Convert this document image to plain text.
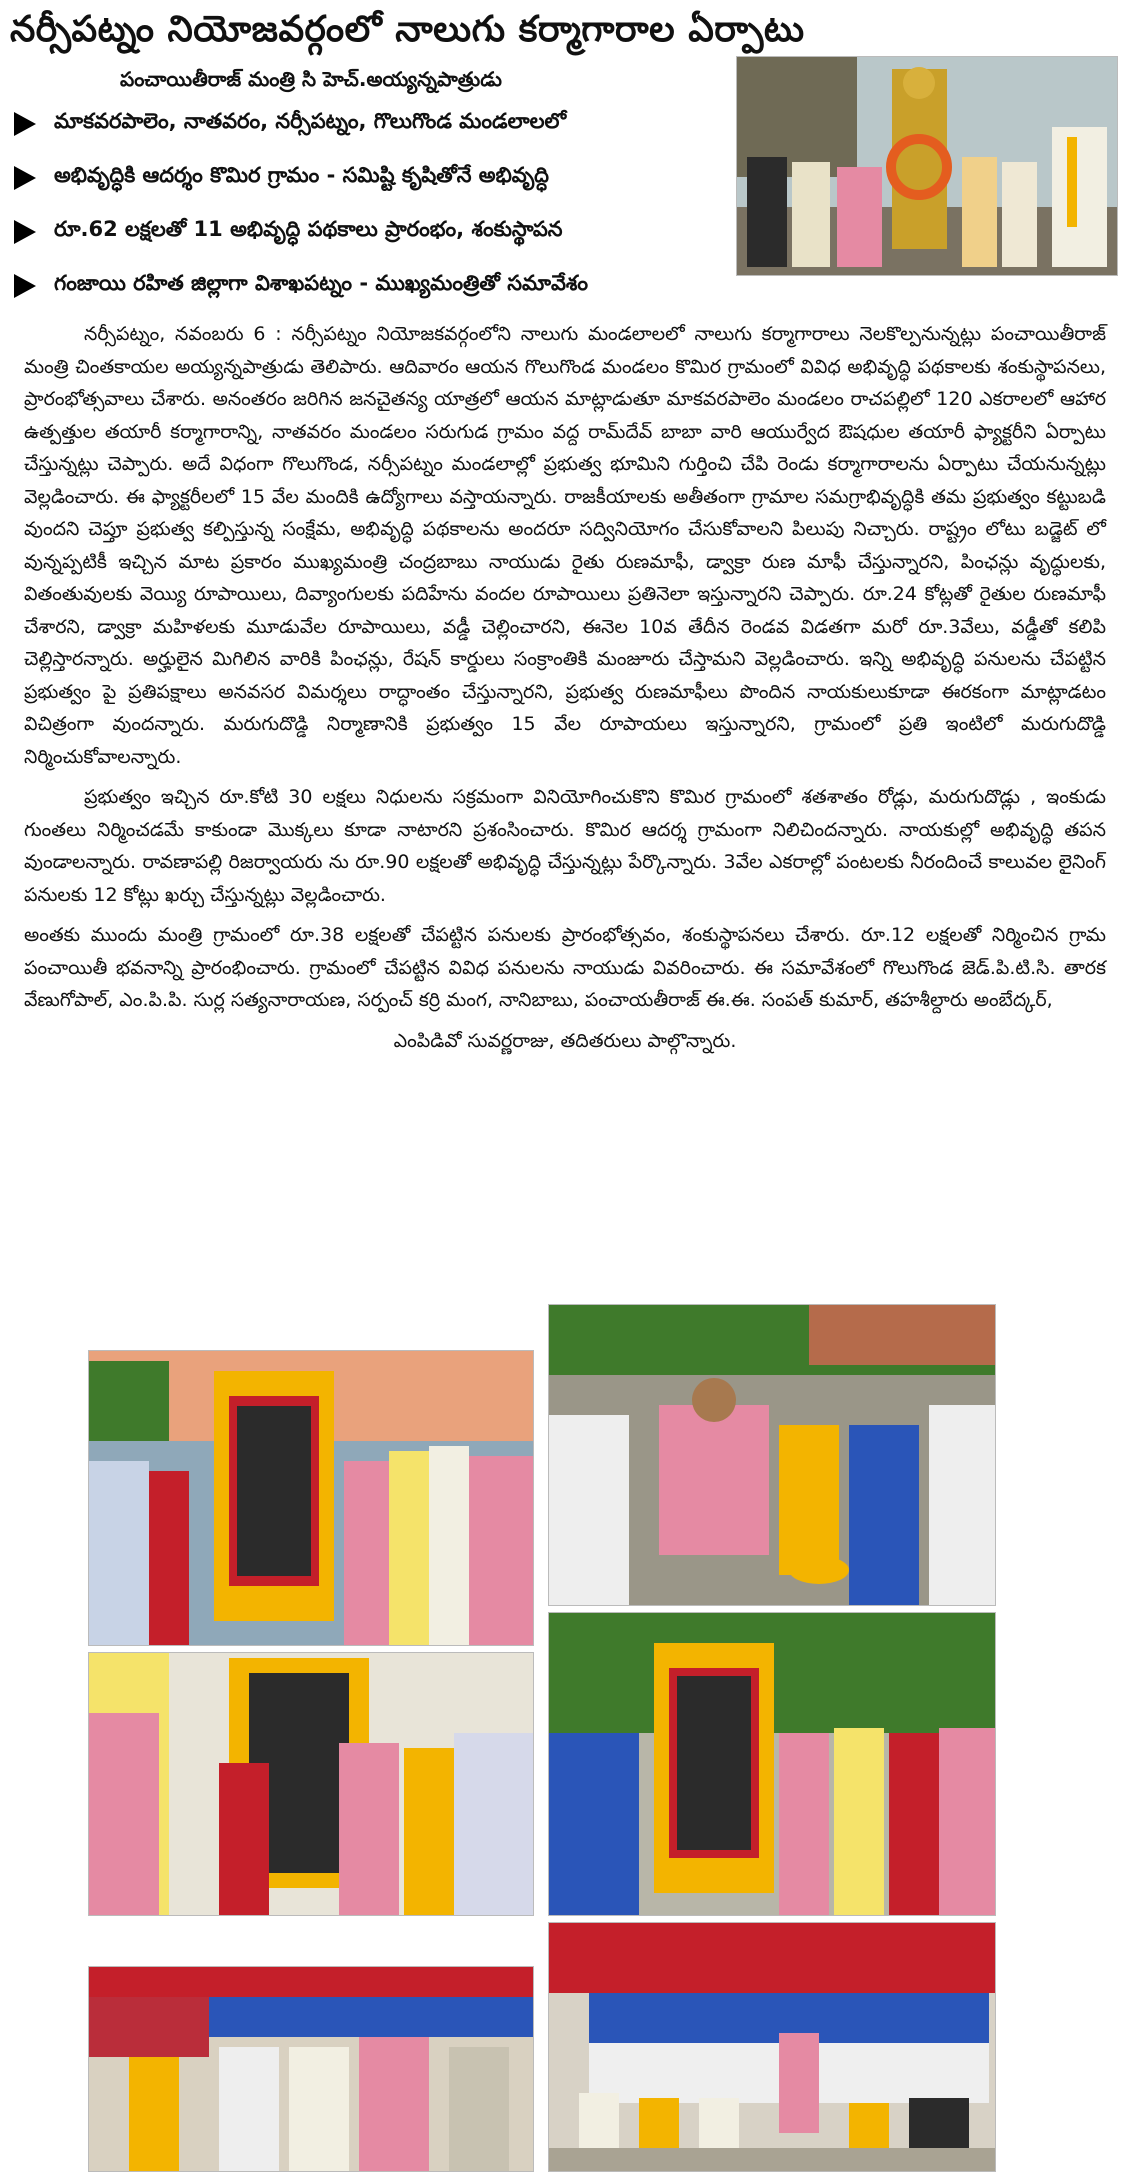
నర్సీపట్నం నియోజవర్గంలో నాలుగు కర్మాగారాల ఏర్పాటు
పంచాయితీరాజ్ మంత్రి సి హెచ్.అయ్యన్నపాత్రుడు
మాకవరపాలెం, నాతవరం, నర్సీపట్నం, గొలుగొండ మండలాలలో
అభివృద్ధికి ఆదర్శం కొమిర గ్రామం - సమిష్టి కృషితోనే అభివృద్ధి
రూ.62 లక్షలతో 11 అభివృద్ధి పథకాలు ప్రారంభం, శంకుస్థాపన
గంజాయి రహిత జిల్లాగా విశాఖపట్నం - ముఖ్యమంత్రితో సమావేశం

నర్సీపట్నం, నవంబరు 6 : నర్సీపట్నం నియోజకవర్గంలోని నాలుగు మండలాలలో నాలుగు కర్మాగారాలు నెలకొల్పనున్నట్లు పంచాయితీరాజ్ మంత్రి చింతకాయల అయ్యన్నపాత్రుడు తెలిపారు. ఆదివారం ఆయన గొలుగొండ మండలం కొమిర గ్రామంలో వివిధ అభివృద్ధి పథకాలకు శంకుస్థాపనలు, ప్రారంభోత్సవాలు చేశారు. అనంతరం జరిగిన జనచైతన్య యాత్రలో ఆయన మాట్లాడుతూ మాకవరపాలెం మండలం రాచపల్లిలో 120 ఎకరాలలో ఆహార ఉత్పత్తుల తయారీ కర్మాగారాన్ని, నాతవరం మండలం సరుగుడ గ్రామం వద్ద రామ్‌దేవ్ బాబా వారి ఆయుర్వేద ఔషధుల తయారీ ఫ్యాక్టరీని ఏర్పాటు చేస్తున్నట్లు చెప్పారు. అదే విధంగా గొలుగొండ, నర్సీపట్నం మండలాల్లో ప్రభుత్వ భూమిని గుర్తించి చేపి రెండు కర్మాగారాలను ఏర్పాటు చేయనున్నట్లు వెల్లడించారు. ఈ ఫ్యాక్టరీలలో 15 వేల మందికి ఉద్యోగాలు వస్తాయన్నారు. రాజకీయాలకు అతీతంగా గ్రామాల సమగ్రాభివృద్ధికి తమ ప్రభుత్వం కట్టుబడి వుందని చెప్తూ ప్రభుత్వ కల్పిస్తున్న సంక్షేమ, అభివృద్ధి పథకాలను అందరూ సద్వినియోగం చేసుకోవాలని పిలుపు నిచ్చారు. రాష్ట్రం లోటు బడ్జెట్ లో వున్నప్పటికీ ఇచ్చిన మాట ప్రకారం ముఖ్యమంత్రి చంద్రబాబు నాయుడు రైతు రుణమాఫీ, డ్వాక్రా రుణ మాఫీ చేస్తున్నారని, పింఛన్లు వృద్ధులకు, వితంతువులకు వెయ్యి రూపాయిలు, దివ్యాంగులకు పదిహేను వందల రూపాయిలు ప్రతినెలా ఇస్తున్నారని చెప్పారు. రూ.24 కోట్లతో రైతుల రుణమాఫీ చేశారని, డ్వాక్రా మహిళలకు మూడువేల రూపాయిలు, వడ్డీ చెల్లించారని, ఈనెల 10వ తేదీన రెండవ విడతగా మరో రూ.3వేలు, వడ్డీతో కలిపి చెల్లిస్తారన్నారు. అర్హులైన మిగిలిన వారికి పింఛన్లు, రేషన్ కార్డులు సంక్రాంతికి మంజూరు చేస్తామని వెల్లడించారు. ఇన్ని అభివృద్ధి పనులను చేపట్టిన ప్రభుత్వం పై ప్రతిపక్షాలు అనవసర విమర్శలు రాద్ధాంతం చేస్తున్నారని, ప్రభుత్వ రుణమాఫీలు పొందిన నాయకులుకూడా ఈరకంగా మాట్లాడటం విచిత్రంగా వుందన్నారు. మరుగుదొడ్డి నిర్మాణానికి ప్రభుత్వం 15 వేల రూపాయలు ఇస్తున్నారని, గ్రామంలో ప్రతి ఇంటిలో మరుగుదొడ్డి నిర్మించుకోవాలన్నారు.

ప్రభుత్వం ఇచ్చిన రూ.కోటి 30 లక్షలు నిధులను సక్రమంగా వినియోగించుకొని కొమిర గ్రామంలో శతశాతం రోడ్లు, మరుగుదొడ్లు , ఇంకుడు గుంతలు నిర్మించడమే కాకుండా మొక్కలు కూడా నాటారని ప్రశంసించారు. కొమిర ఆదర్శ గ్రామంగా నిలిచిందన్నారు. నాయకుల్లో అభివృద్ధి తపన వుండాలన్నారు. రావణాపల్లి రిజర్వాయరు ను రూ.90 లక్షలతో అభివృద్ధి చేస్తున్నట్లు పేర్కొన్నారు. 3వేల ఎకరాల్లో పంటలకు నీరందించే కాలువల లైనింగ్ పనులకు 12 కోట్లు ఖర్చు చేస్తున్నట్లు వెల్లడించారు.

అంతకు ముందు మంత్రి గ్రామంలో రూ.38 లక్షలతో చేపట్టిన పనులకు ప్రారంభోత్సవం, శంకుస్థాపనలు చేశారు. రూ.12 లక్షలతో నిర్మించిన గ్రామ పంచాయితీ భవనాన్ని ప్రారంభించారు. గ్రామంలో చేపట్టిన వివిధ పనులను నాయుడు వివరించారు. ఈ సమావేశంలో గొలుగొండ జెడ్.పి.టి.సి. తారక వేణుగోపాల్, ఎం.పి.పి. సుర్ల సత్యనారాయణ, సర్పంచ్ కర్రి మంగ, నానిబాబు, పంచాయతీరాజ్ ఈ.ఈ. సంపత్ కుమార్, తహశీల్దారు అంబేద్కర్,

ఎంపిడివో సువర్ణరాజు, తదితరులు పాల్గొన్నారు.
